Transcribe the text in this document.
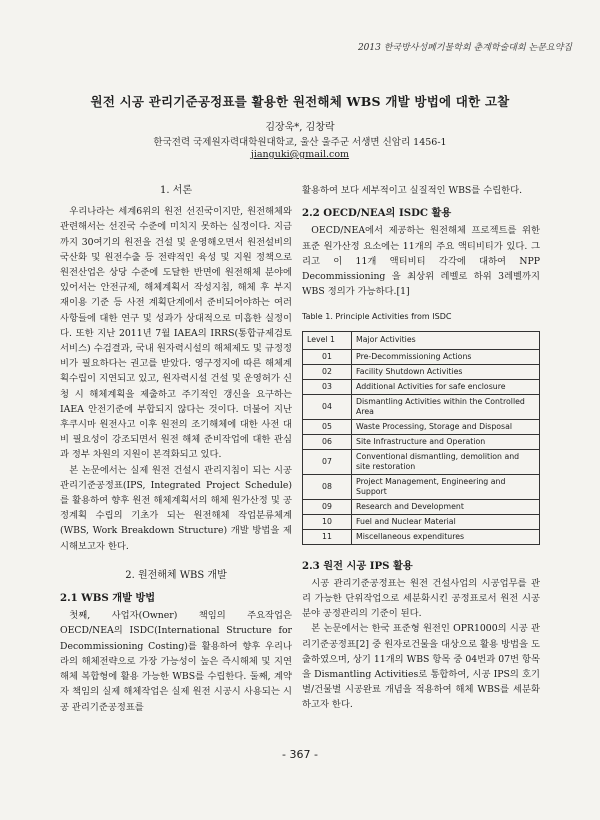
2013 한국방사성폐기물학회 춘계학술대회 논문요약집
원전 시공 관리기준공정표를 활용한 원전해체 WBS 개발 방법에 대한 고찰
김장욱*, 김창락
한국전력 국제원자력대학원대학교, 울산 울주군 서생면 신암리 1456-1
jianguki@gmail.com
1. 서론

우리나라는 세계6위의 원전 선진국이지만, 원전해체와 관련해서는 선진국 수준에 미치지 못하는 실정이다. 지금까지 30여기의 원전을 건설 및 운영해오면서 원전설비의 국산화 및 원전수출 등 전략적인 육성 및 지원 정책으로 원전산업은 상당 수준에 도달한 반면에 원전해체 분야에 있어서는 안전규제, 해체계획서 작성지침, 해체 후 부지 재이용 기준 등 사전 계획단계에서 준비되어야하는 여러 사항들에 대한 연구 및 성과가 상대적으로 미흡한 실정이다. 또한 지난 2011년 7월 IAEA의 IRRS(통합규제검토서비스) 수검결과, 국내 원자력시설의 해체제도 및 규정정비가 필요하다는 권고를 받았다. 영구정지에 따른 해체계획수립이 지연되고 있고, 원자력시설 건설 및 운영허가 신청 시 해체계획을 제출하고 주기적인 갱신을 요구하는 IAEA 안전기준에 부합되지 않다는 것이다. 더불어 지난 후쿠시마 원전사고 이후 원전의 조기해체에 대한 사전 대비 필요성이 강조되면서 원전 해체 준비작업에 대한 관심과 정부 차원의 지원이 본격화되고 있다.

본 논문에서는 실제 원전 건설시 관리지침이 되는 시공 관리기준공정표(IPS, Integrated Project Schedule)를 활용하여 향후 원전 해체계획서의 해체 원가산정 및 공정계획 수립의 기초가 되는 원전해체 작업분류체계(WBS, Work Breakdown Structure) 개발 방법을 제시해보고자 한다.

2. 원전해체 WBS 개발
2.1 WBS 개발 방법

첫째, 사업자(Owner) 책임의 주요작업은 OECD/NEA의 ISDC(International Structure for Decommissioning Costing)를 활용하여 향후 우리나라의 해체전략으로 가장 가능성이 높은 즉시해체 및 지연해체 복합형에 활용 가능한 WBS를 수립한다. 둘째, 계약자 책임의 실제 해체작업은 실제 원전 시공시 사용되는 시공 관리기준공정표를

활용하여 보다 세부적이고 실질적인 WBS를 수립한다.

2.2 OECD/NEA의 ISDC 활용

OECD/NEA에서 제공하는 원전해체 프로젝트를 위한 표준 원가산정 요소에는 11개의 주요 액티비티가 있다. 그리고 이 11개 액티비티 각각에 대하여 NPP Decommissioning 을 최상위 레벨로 하위 3레벨까지 WBS 정의가 가능하다.[1]

Table 1. Principle Activities from ISDC
Level 1	Major Activities
01	Pre-Decommissioning Actions
02	Facility Shutdown Activities
03	Additional Activities for safe enclosure
04	Dismantling Activities within the Controlled Area
05	Waste Processing, Storage and Disposal
06	Site Infrastructure and Operation
07	Conventional dismantling, demolition and site restoration
08	Project Management, Engineering and Support
09	Research and Development
10	Fuel and Nuclear Material
11	Miscellaneous expenditures
2.3 원전 시공 IPS 활용

시공 관리기준공정표는 원전 건설사업의 시공업무를 관리 가능한 단위작업으로 세분화시킨 공정표로서 원전 시공분야 공정관리의 기준이 된다.

본 논문에서는 한국 표준형 원전인 OPR1000의 시공 관리기준공정표[2] 중 원자로건물을 대상으로 활용 방법을 도출하였으며, 상기 11개의 WBS 항목 중 04번과 07번 항목을 Dismantling Activities로 통합하여, 시공 IPS의 호기별/건물별 시공완료 개념을 적용하여 해체 WBS를 세분화하고자 한다.

- 367 -
